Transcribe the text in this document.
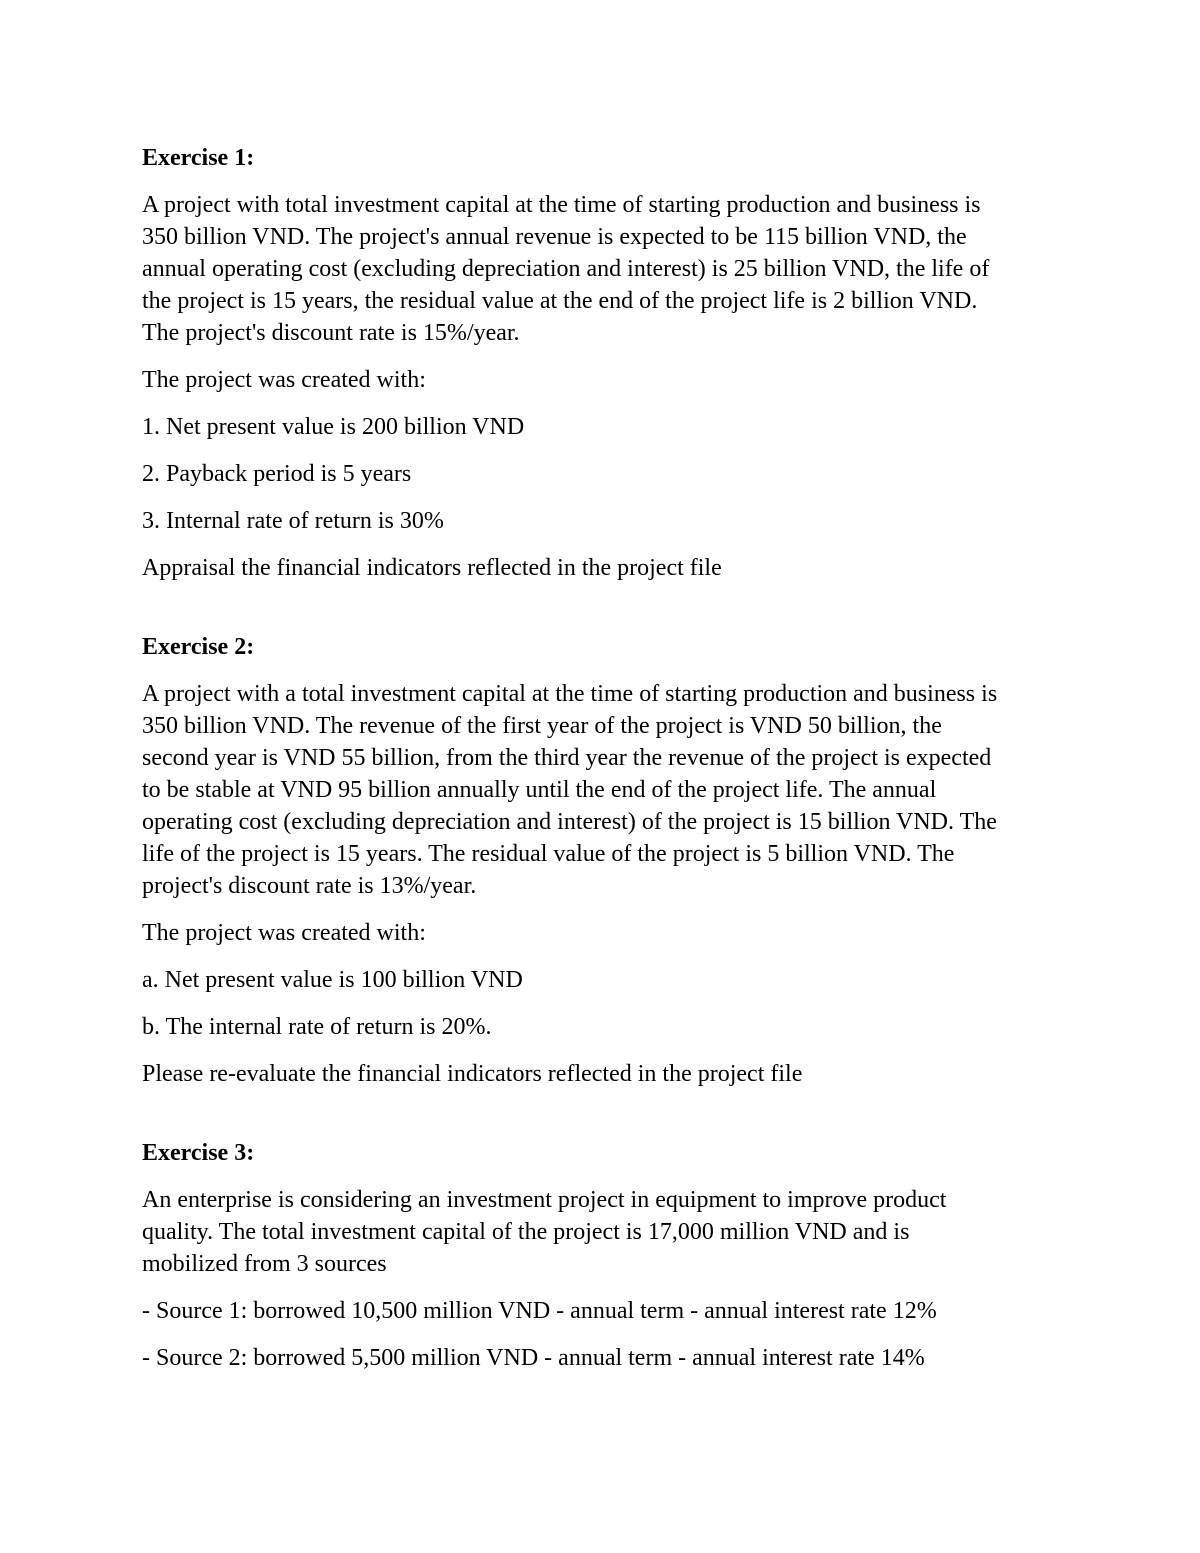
Exercise 1:

A project with total investment capital at the time of starting production and business is
350 billion VND. The project's annual revenue is expected to be 115 billion VND, the
annual operating cost (excluding depreciation and interest) is 25 billion VND, the life of
the project is 15 years, the residual value at the end of the project life is 2 billion VND.
The project's discount rate is 15%/year.

The project was created with:

1. Net present value is 200 billion VND

2. Payback period is 5 years

3. Internal rate of return is 30%

Appraisal the financial indicators reflected in the project file

Exercise 2:

A project with a total investment capital at the time of starting production and business is
350 billion VND. The revenue of the first year of the project is VND 50 billion, the
second year is VND 55 billion, from the third year the revenue of the project is expected
to be stable at VND 95 billion annually until the end of the project life. The annual
operating cost (excluding depreciation and interest) of the project is 15 billion VND. The
life of the project is 15 years. The residual value of the project is 5 billion VND. The
project's discount rate is 13%/year.

The project was created with:

a. Net present value is 100 billion VND

b. The internal rate of return is 20%.

Please re-evaluate the financial indicators reflected in the project file

Exercise 3:

An enterprise is considering an investment project in equipment to improve product
quality. The total investment capital of the project is 17,000 million VND and is
mobilized from 3 sources

- Source 1: borrowed 10,500 million VND - annual term - annual interest rate 12%

- Source 2: borrowed 5,500 million VND - annual term - annual interest rate 14%
